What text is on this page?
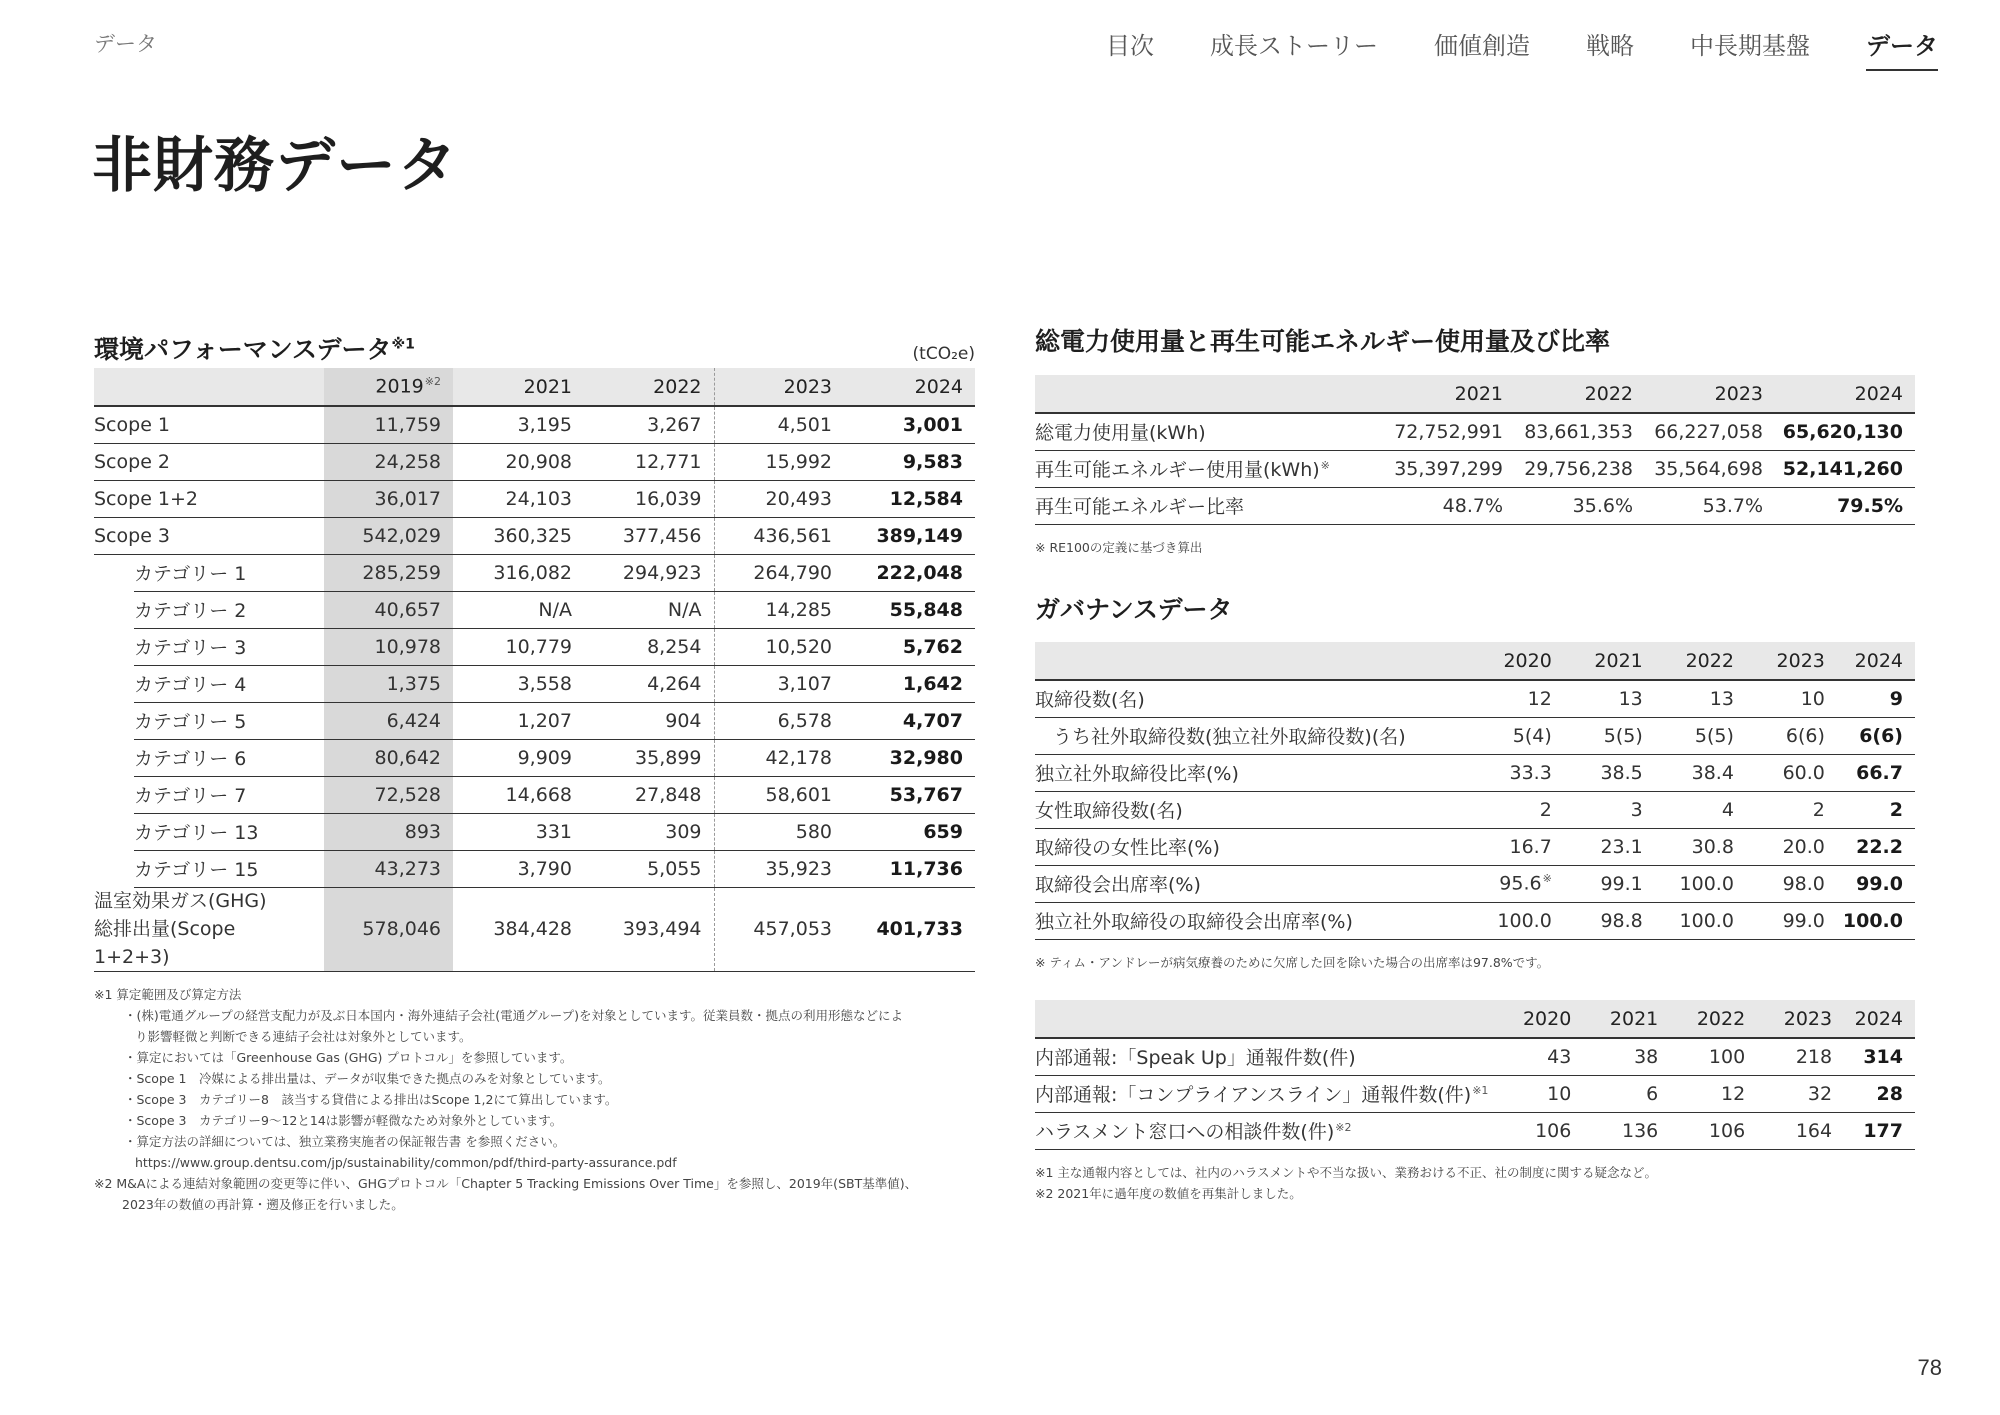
データ	目次 成長ストーリー 価値創造 戦略 中長期基盤 データ
非財務データ
環境パフォーマンスデータ$^{※1}$	(tCO₂e)
	2019$^{※2}$	2021	2022	2023	2024
Scope 1	11,759	3,195	3,267	4,501	3,001
Scope 2	24,258	20,908	12,771	15,992	9,583
Scope 1+2	36,017	24,103	16,039	20,493	12,584
Scope 3	542,029	360,325	377,456	436,561	389,149
カテゴリー 1	285,259	316,082	294,923	264,790	222,048
カテゴリー 2	40,657	N/A	N/A	14,285	55,848
カテゴリー 3	10,978	10,779	8,254	10,520	5,762
カテゴリー 4	1,375	3,558	4,264	3,107	1,642
カテゴリー 5	6,424	1,207	904	6,578	4,707
カテゴリー 6	80,642	9,909	35,899	42,178	32,980
カテゴリー 7	72,528	14,668	27,848	58,601	53,767
カテゴリー 13	893	331	309	580	659
カテゴリー 15	43,273	3,790	5,055	35,923	11,736
温室効果ガス(GHG)
総排出量(Scope 1+2+3)	578,046	384,428	393,494	457,053	401,733
※1 算定範囲及び算定方法
・(株)電通グループの経営支配力が及ぶ日本国内・海外連結子会社(電通グループ)を対象としています。従業員数・拠点の利用形態などによ
り影響軽微と判断できる連結子会社は対象外としています。
・算定においては「Greenhouse Gas (GHG) プロトコル」を参照しています。
・Scope 1　冷媒による排出量は、データが収集できた拠点のみを対象としています。
・Scope 3　カテゴリー8　該当する貸借による排出はScope 1,2にて算出しています。
・Scope 3　カテゴリー9〜12と14は影響が軽微なため対象外としています。
・算定方法の詳細については、独立業務実施者の保証報告書 を参照ください。
https://www.group.dentsu.com/jp/sustainability/common/pdf/third-party-assurance.pdf
※2 M&Aによる連結対象範囲の変更等に伴い、GHGプロトコル「Chapter 5 Tracking Emissions Over Time」を参照し、2019年(SBT基準値)、
2023年の数値の再計算・遡及修正を行いました。
総電力使用量と再生可能エネルギー使用量及び比率
	2021	2022	2023	2024
総電力使用量(kWh)	72,752,991	83,661,353	66,227,058	65,620,130
再生可能エネルギー使用量(kWh)※	35,397,299	29,756,238	35,564,698	52,141,260
再生可能エネルギー比率	48.7%	35.6%	53.7%	79.5%
※ RE100の定義に基づき算出
ガバナンスデータ
	2020	2021	2022	2023	2024
取締役数(名)	12	13	13	10	9
うち社外取締役数(独立社外取締役数)(名)	5(4)	5(5)	5(5)	6(6)	6(6)
独立社外取締役比率(%)	33.3	38.5	38.4	60.0	66.7
女性取締役数(名)	2	3	4	2	2
取締役の女性比率(%)	16.7	23.1	30.8	20.0	22.2
取締役会出席率(%)	95.6※	99.1	100.0	98.0	99.0
独立社外取締役の取締役会出席率(%)	100.0	98.8	100.0	99.0	100.0
※ ティム・アンドレーが病気療養のために欠席した回を除いた場合の出席率は97.8%です。
	2020	2021	2022	2023	2024
内部通報:「Speak Up」通報件数(件)	43	38	100	218	314
内部通報:「コンプライアンスライン」通報件数(件)$^{※1}$	10	6	12	32	28
ハラスメント窓口への相談件数(件)$^{※2}$	106	136	106	164	177
※1 主な通報内容としては、社内のハラスメントや不当な扱い、業務おける不正、社の制度に関する疑念など。
※2 2021年に過年度の数値を再集計しました。
78
